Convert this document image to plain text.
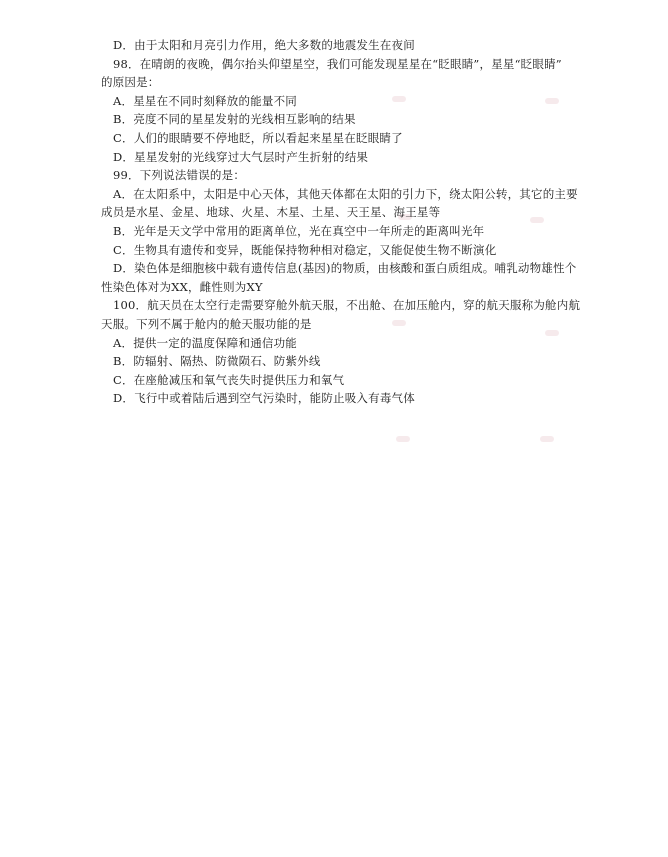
D．由于太阳和月亮引力作用，绝大多数的地震发生在夜间
98．在晴朗的夜晚，偶尔抬头仰望星空，我们可能发现星星在“眨眼睛”，星星“眨眼睛”
的原因是：
A．星星在不同时刻释放的能量不同
B．亮度不同的星星发射的光线相互影响的结果
C．人们的眼睛要不停地眨，所以看起来星星在眨眼睛了
D．星星发射的光线穿过大气层时产生折射的结果
99．下列说法错误的是：
A．在太阳系中，太阳是中心天体，其他天体都在太阳的引力下，绕太阳公转，其它的主要
成员是水星、金星、地球、火星、木星、土星、天王星、海王星等
B．光年是天文学中常用的距离单位，光在真空中一年所走的距离叫光年
C．生物具有遗传和变异，既能保持物种相对稳定，又能促使生物不断演化
D．染色体是细胞核中载有遗传信息(基因)的物质，由核酸和蛋白质组成。哺乳动物雄性个
性染色体对为XX，雌性则为XY
100．航天员在太空行走需要穿舱外航天服，不出舱、在加压舱内，穿的航天服称为舱内航
天服。下列不属于舱内的舱天服功能的是
A．提供一定的温度保障和通信功能
B．防辐射、隔热、防微陨石、防紫外线
C．在座舱减压和氧气丧失时提供压力和氧气
D．飞行中或着陆后遇到空气污染时，能防止吸入有毒气体
